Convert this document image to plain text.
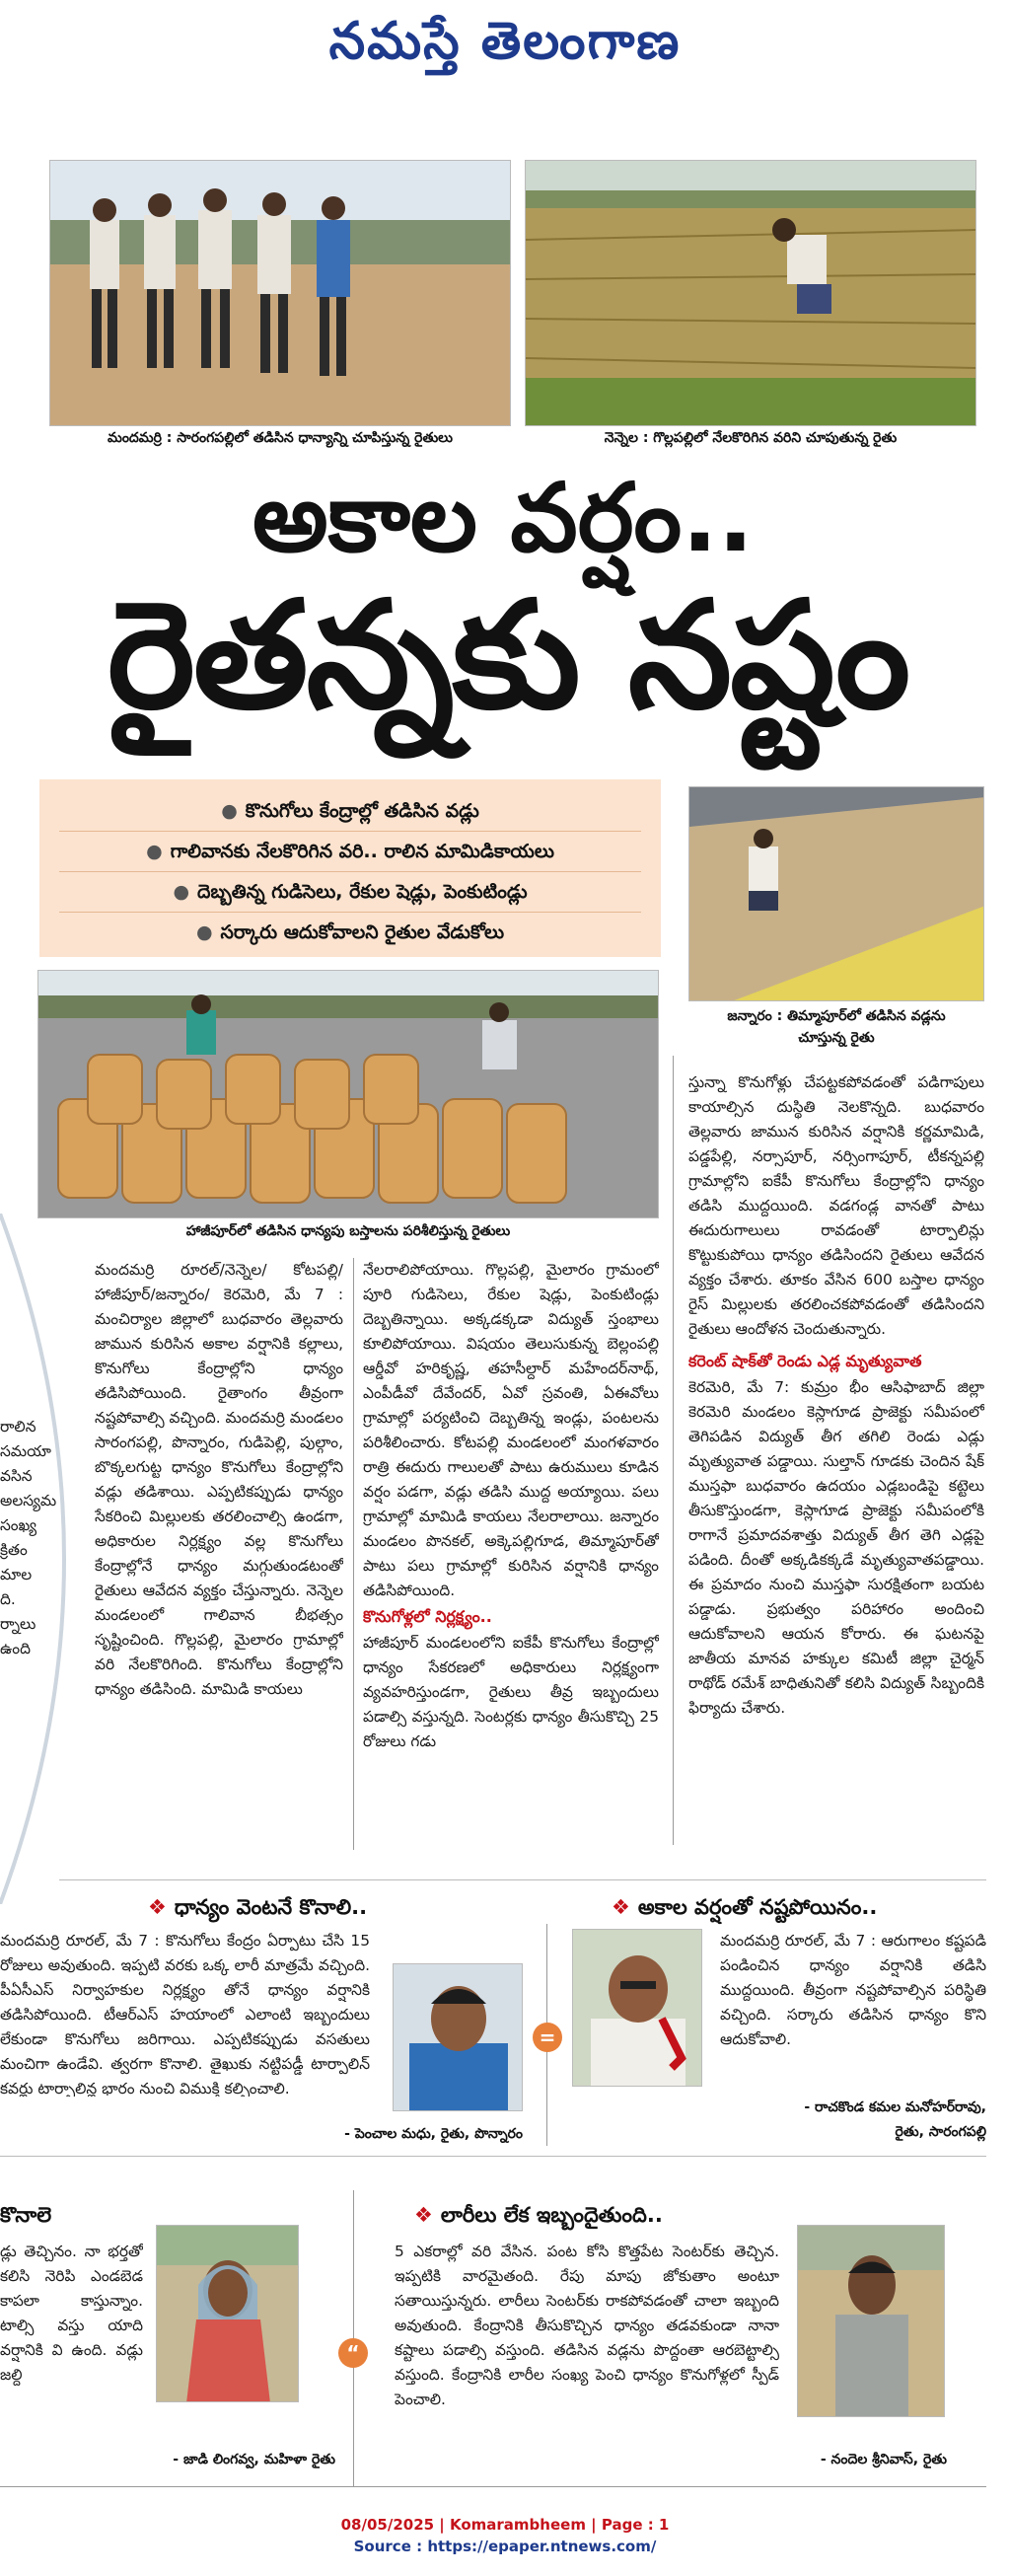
నమస్తే తెలంగాణ
మందమర్రి : సారంగపల్లిలో తడిసిన ధాన్యాన్ని చూపిస్తున్న రైతులు	నెన్నెల : గొల్లపల్లిలో నేలకొరిగిన వరిని చూపుతున్న రైతు
అకాల వర్షం..
రైతన్నకు నష్టం
● కొనుగోలు కేంద్రాల్లో తడిసిన వడ్లు
● గాలివానకు నేలకొరిగిన వరి.. రాలిన మామిడికాయలు
● దెబ్బతిన్న గుడిసెలు, రేకుల షెడ్లు, పెంకుటిండ్లు
● సర్కారు ఆదుకోవాలని రైతుల వేడుకోలు
జన్నారం : తిమ్మాపూర్‌లో తడిసిన వడ్లను
చూస్తున్న రైతు
హాజీపూర్‌లో తడిసిన ధాన్యపు బస్తాలను పరిశీలిస్తున్న రైతులు
రాలిన
సమయా
వసిన
అలస్యమ
సంఖ్య
క్రితం
మాల
ది.
ర్నాలు
ఉంది

మందమర్రి రూరల్‌/నెన్నెల/ కోటపల్లి/హాజీపూర్‌/జన్నారం/ కెరమెరి, మే 7 : మంచిర్యాల జిల్లాలో బుధవారం తెల్లవారు జామున కురిసిన అకాల వర్షానికి కల్లాలు, కొనుగోలు కేంద్రాల్లోని ధాన్యం తడిసిపోయింది. రైతాంగం తీవ్రంగా నష్టపోవాల్సి వచ్చింది. మందమర్రి మండలం సారంగపల్లి, పొన్నారం, గుడిపెల్లి, పుల్గాం, బొక్కలగుట్ట ధాన్యం కొనుగోలు కేంద్రాల్లోని వడ్లు తడిశాయి. ఎప్పటికప్పుడు ధాన్యం సేకరించి మిల్లులకు తరలించాల్సి ఉండగా, అధికారుల నిర్లక్ష్యం వల్ల కొనుగోలు కేంద్రాల్లోనే ధాన్యం మగ్గుతుండటంతో రైతులు ఆవేదన వ్యక్తం చేస్తున్నారు. నెన్నెల మండలంలో గాలివాన బీభత్సం సృష్టించింది. గొల్లపల్లి, మైలారం గ్రామాల్లో వరి నేలకొరిగింది. కొనుగోలు కేంద్రాల్లోని ధాన్యం తడిసింది. మామిడి కాయలు

నేలరాలిపోయాయి. గొల్లపల్లి, మైలారం గ్రామంలో పూరి గుడిసెలు, రేకుల షెడ్లు, పెంకుటిండ్లు దెబ్బతిన్నాయి. అక్కడక్కడా విద్యుత్‌ స్తంభాలు కూలిపోయాయి. విషయం తెలుసుకున్న బెల్లంపల్లి ఆర్డీవో హరికృష్ణ, తహసీల్దార్‌ మహేందర్‌నాథ్‌, ఎంపీడీవో దేవేందర్‌, ఏవో స్రవంతి, ఏఈవోలు గ్రామాల్లో పర్యటించి దెబ్బతిన్న ఇండ్లు, పంటలను పరిశీలించారు. కోటపల్లి మండలంలో మంగళవారం రాత్రి ఈదురు గాలులతో పాటు ఉరుములు కూడిన వర్షం పడగా, వడ్లు తడిసి ముద్ద అయ్యాయి. పలు గ్రామాల్లో మామిడి కాయలు నేలరాలాయి. జన్నారం మండలం పొనకల్‌, అక్కెపల్లిగూడ, తిమ్మాపూర్‌తో పాటు పలు గ్రామాల్లో కురిసిన వర్షానికి ధాన్యం తడిసిపోయింది.

కొనుగోళ్లలో నిర్లక్ష్యం..

హాజీపూర్‌ మండలంలోని ఐకేపీ కొనుగోలు కేంద్రాల్లో ధాన్యం సేకరణలో అధికారులు నిర్లక్ష్యంగా వ్యవహరిస్తుండగా, రైతులు తీవ్ర ఇబ్బందులు పడాల్సి వస్తున్నది. సెంటర్లకు ధాన్యం తీసుకొచ్చి 25 రోజులు గడు

స్తున్నా కొనుగోళ్లు చేపట్టకపోవడంతో పడిగాపులు కాయాల్సిన దుస్థితి నెలకొన్నది. బుధవారం తెల్లవారు జామున కురిసిన వర్షానికి కర్ణమామిడి, పడ్డపేల్లి, నర్సాపూర్‌, నర్సింగాపూర్‌, టీకన్నపల్లి గ్రామాల్లోని ఐకేపీ కొనుగోలు కేంద్రాల్లోని ధాన్యం తడిసి ముద్దయింది. వడగండ్ల వానతో పాటు ఈదురుగాలులు రావడంతో టార్పాలిన్లు కొట్టుకుపోయి ధాన్యం తడిసిందని రైతులు ఆవేదన వ్యక్తం చేశారు. తూకం వేసిన 600 బస్తాల ధాన్యం రైస్‌ మిల్లులకు తరలించకపోవడంతో తడిసిందని రైతులు ఆందోళన చెందుతున్నారు.

కరెంట్‌ షాక్‌తో రెండు ఎడ్ల మృత్యువాత

కెరమెరి, మే 7: కుమ్రం భీం ఆసిఫాబాద్‌ జిల్లా కెరమెరి మండలం కెస్లాగూడ ప్రాజెక్టు సమీపంలో తెగిపడిన విద్యుత్‌ తీగ తగిలి రెండు ఎడ్లు మృత్యువాత పడ్డాయి. సుల్తాన్‌ గూడకు చెందిన షేక్‌ ముస్తఫా బుధవారం ఉదయం ఎడ్లబండిపై కట్టెలు తీసుకొస్తుండగా, కెస్లాగూడ ప్రాజెక్టు సమీపంలోకి రాగానే ప్రమాదవశాత్తు విద్యుత్‌ తీగ తెగి ఎడ్లపై పడింది. దీంతో అక్కడికక్కడే మృత్యువాతపడ్డాయి. ఈ ప్రమాదం నుంచి ముస్తఫా సురక్షితంగా బయట పడ్డాడు. ప్రభుత్వం పరిహారం అందించి ఆదుకోవాలని ఆయన కోరారు. ఈ ఘటనపై జాతీయ మానవ హక్కుల కమిటీ జిల్లా చైర్మన్‌ రాథోడ్‌ రమేశ్‌ బాధితునితో కలిసి విద్యుత్‌ సిబ్బందికి ఫిర్యాదు చేశారు.

❖ ధాన్యం వెంటనే కొనాలి..

మందమర్రి రూరల్‌, మే 7 : కొనుగోలు కేంద్రం ఏర్పాటు చేసి 15 రోజులు అవుతుంది. ఇప్పటి వరకు ఒక్క లారీ మాత్రమే వచ్చింది. పీఏసీఎస్‌ నిర్వాహకుల నిర్లక్ష్యం తోనే ధాన్యం వర్షానికి తడిసిపోయింది. టీఆర్‌ఎస్‌ హయాంలో ఎలాంటి ఇబ్బందులు లేకుండా కొనుగోలు జరిగాయి. ఎప్పటికప్పుడు వసతులు మంచిగా ఉండేవి. త్వరగా కొనాలి. తైఖుకు నట్టిపడ్డీ టార్పాలిన్‌ కవర్లు టార్పాలిన్ల భారం నుంచి విముక్తి కల్పించాలి.

- పెంచాల మధు, రైతు, పొన్నారం
=
❖ అకాల వర్షంతో నష్టపోయినం..

మందమర్రి రూరల్‌, మే 7 : ఆరుగాలం కష్టపడి పండించిన ధాన్యం వర్షానికి తడిసి ముద్దయింది. తీవ్రంగా నష్టపోవాల్సిన పరిస్థితి వచ్చింది. సర్కారు తడిసిన ధాన్యం కొని ఆదుకోవాలి.

- రాచకొండ కమల మనోహర్‌రావు,
రైతు, సారంగపల్లి
కొనాలె

డ్లు తెచ్చినం. నా భర్తతో కలిసి నెరిపి ఎండబెడ కాపలా కాస్తున్నాం. టాల్సి వస్తు యాది వర్షానికి వి ఉంది. వడ్లు జల్ది

- జాడి లింగవ్వ, మహిళా రైతు
“
❖ లారీలు లేక ఇబ్బందైతుంది..

5 ఎకరాల్లో వరి వేసిన. పంట కోసి కొత్తపేట సెంటర్‌కు తెచ్చిన. ఇప్పటికి వారమైతంది. రేపు మాపు జోకుతాం అంటూ సతాయిస్తున్నరు. లారీలు సెంటర్‌కు రాకపోవడంతో చాలా ఇబ్బంది అవుతుంది. కేంద్రానికి తీసుకొచ్చిన ధాన్యం తడవకుండా నానా కష్టాలు పడాల్సి వస్తుంది. తడిసిన వడ్లను పొద్దంతా ఆరబెట్టాల్సి వస్తుంది. కేంద్రానికి లారీల సంఖ్య పెంచి ధాన్యం కొనుగోళ్లలో స్పీడ్‌ పెంచాలి.

- నందెల శ్రీనివాస్‌, రైతు
08/05/2025 | Komarambheem | Page : 1
Source : https://epaper.ntnews.com/
